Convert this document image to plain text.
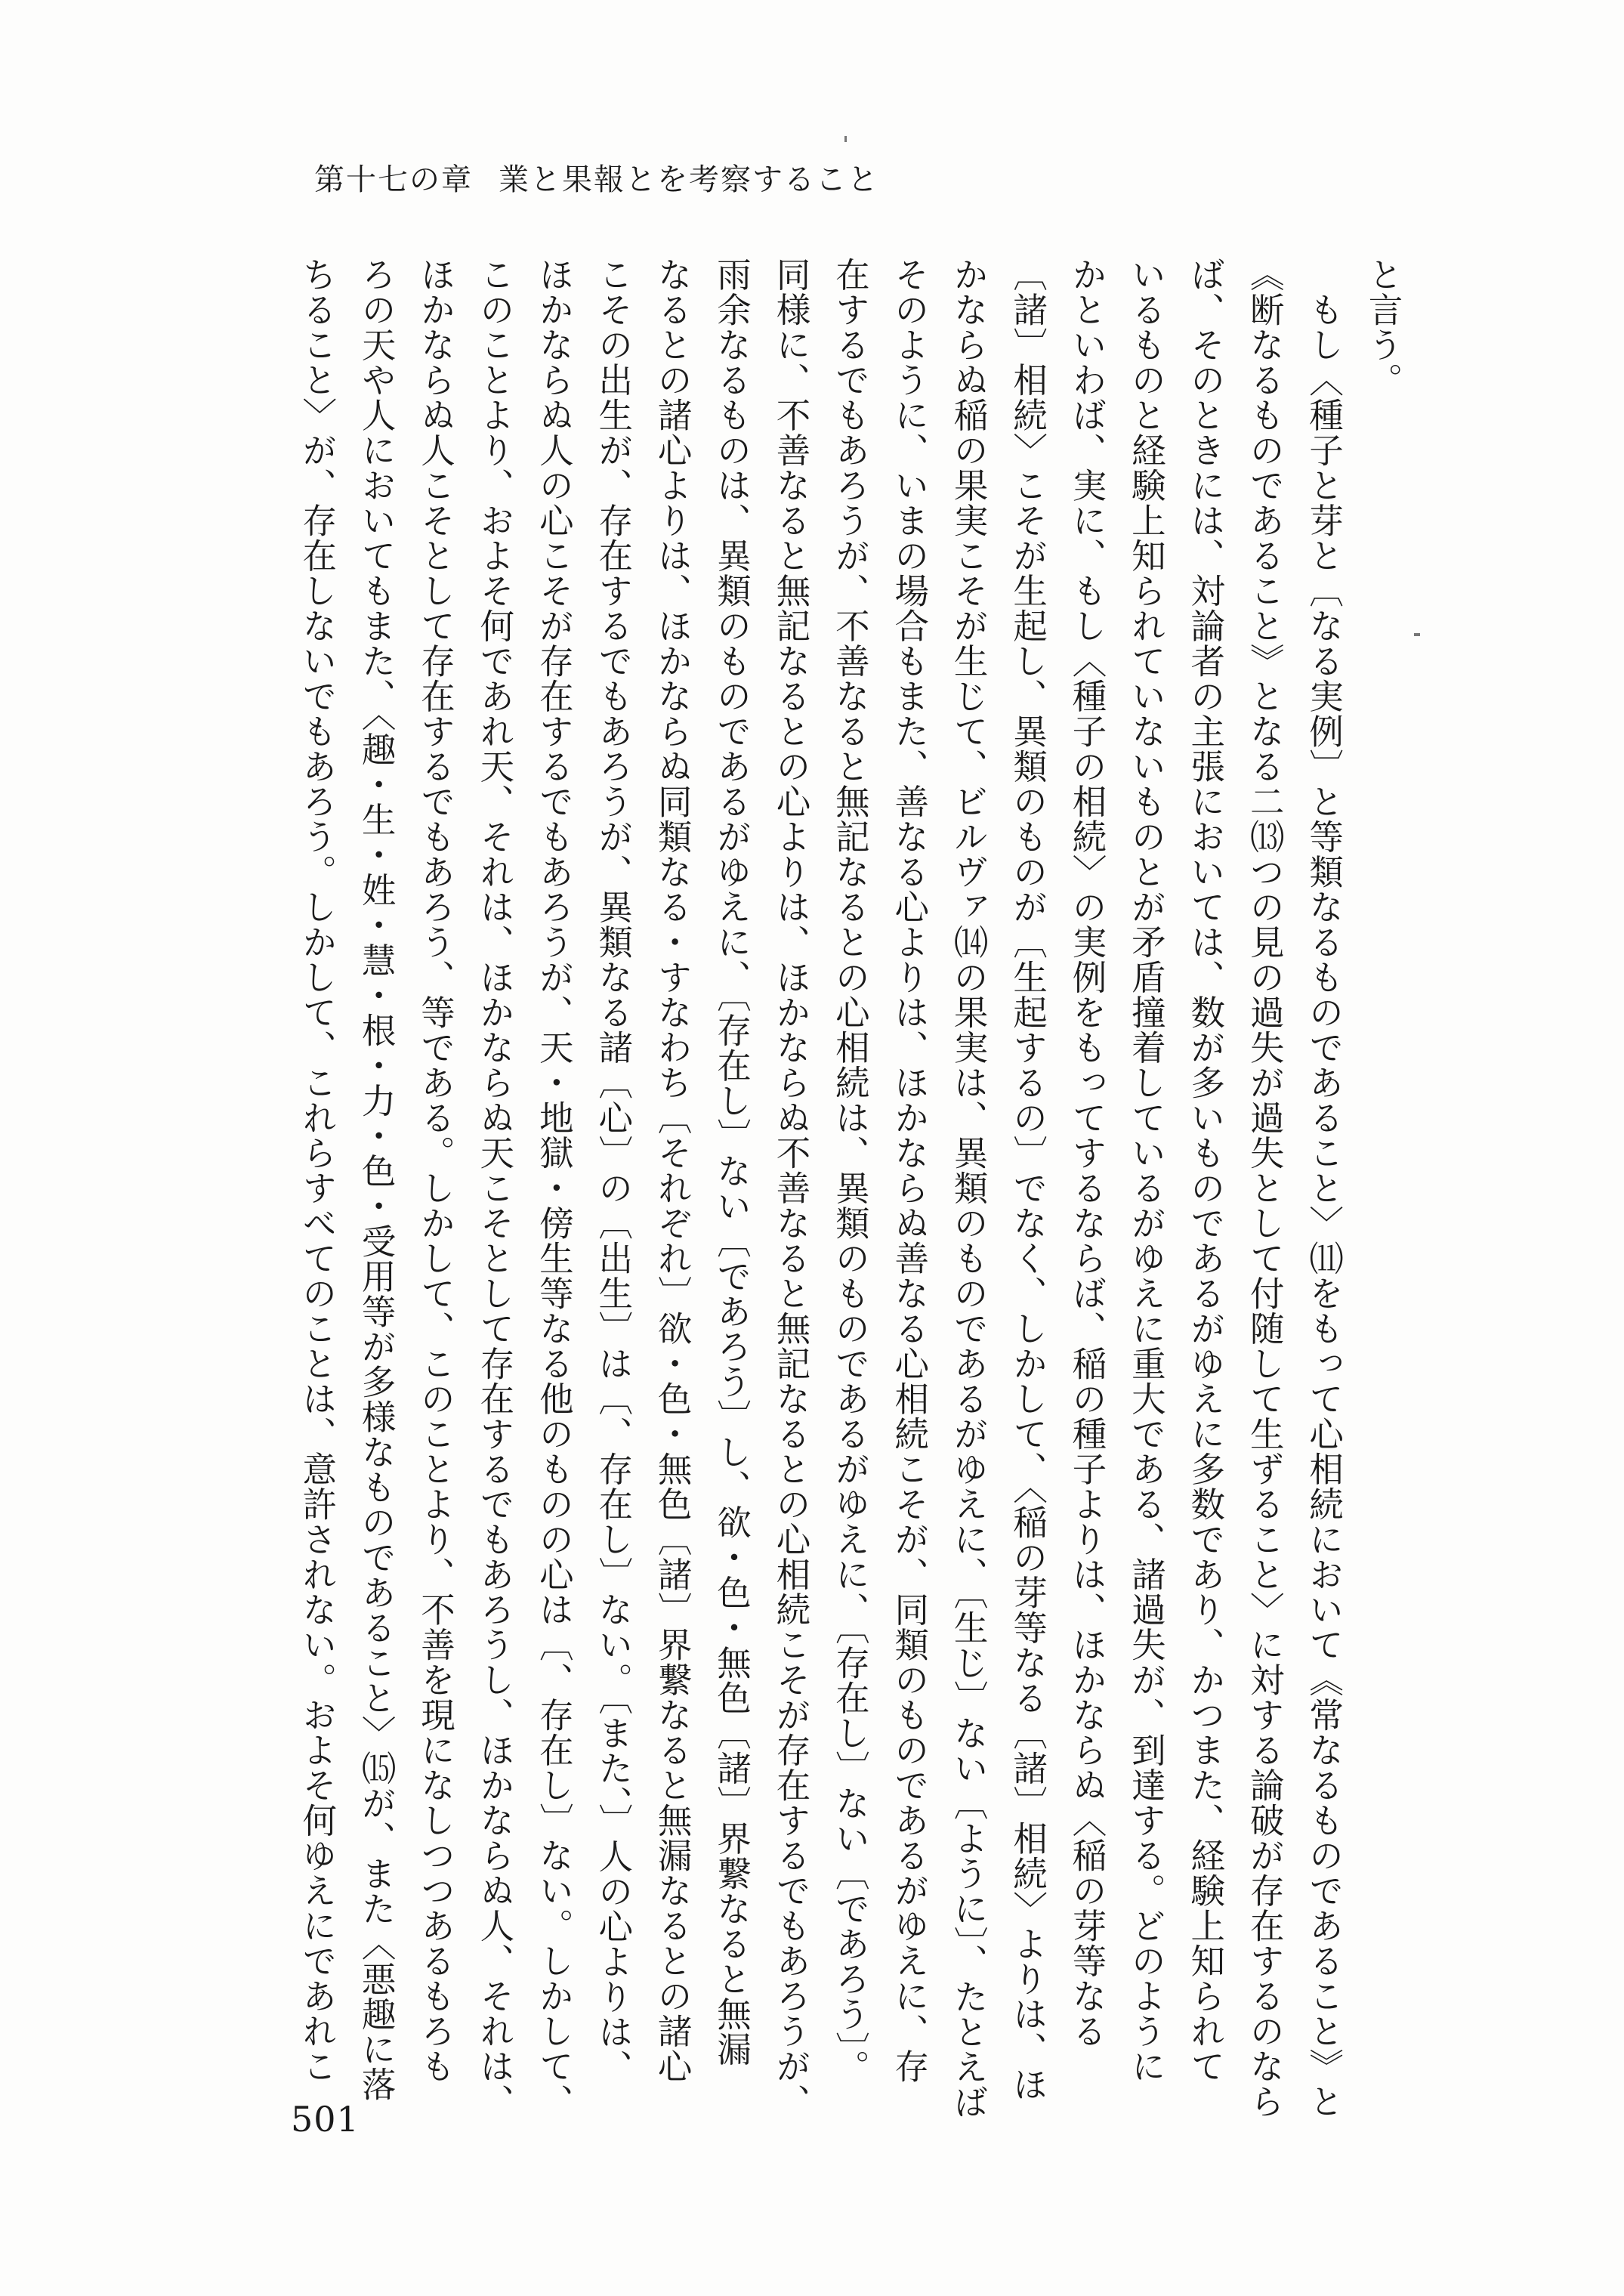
第十七の章 業と果報とを考察すること

と言う。

　もし〈種子と芽と〔なる実例〕と等類なるものであること〉⑾をもって心相続において《常なるものであること》と

《断なるものであること》となる二⒀つの見の過失が過失として付随して生ずること〉に対する論破が存在するのなら

ば、そのときには、対論者の主張においては、数が多いものであるがゆえに多数であり、かつまた、経験上知られて

いるものと経験上知られていないものとが矛盾撞着しているがゆえに重大である、諸過失が、到達する。どのように

かといわば、実に、もし〈種子の相続〉の実例をもってするならば、稲の種子よりは、ほかならぬ〈稲の芽等なる

〔諸〕相続〉こそが生起し、異類のものが〔生起するの〕でなく、しかして、〈稲の芽等なる〔諸〕相続〉よりは、ほ

かならぬ稲の果実こそが生じて、ビルヴァ⒁の果実は、異類のものであるがゆえに、〔生じ〕ない〔ように〕、たとえば

そのように、いまの場合もまた、善なる心よりは、ほかならぬ善なる心相続こそが、同類のものであるがゆえに、存

在するでもあろうが、不善なると無記なるとの心相続は、異類のものであるがゆえに、〔存在し〕ない〔であろう〕。

同様に、不善なると無記なるとの心よりは、ほかならぬ不善なると無記なるとの心相続こそが存在するでもあろうが、

雨余なるものは、異類のものであるがゆえに、〔存在し〕ない〔であろう〕し、欲・色・無色〔諸〕界繋なると無漏

なるとの諸心よりは、ほかならぬ同類なる・すなわち〔それぞれ〕欲・色・無色〔諸〕界繋なると無漏なるとの諸心

こその出生が、存在するでもあろうが、異類なる諸〔心〕の〔出生〕は〔、存在し〕ない。〔また、〕人の心よりは、

ほかならぬ人の心こそが存在するでもあろうが、天・地獄・傍生等なる他のものの心は〔、存在し〕ない。しかして、

このことより、およそ何であれ天、それは、ほかならぬ天こそとして存在するでもあろうし、ほかならぬ人、それは、

ほかならぬ人こそとして存在するでもあろう、等である。しかして、このことより、不善を現になしつつあるもろも

ろの天や人においてもまた、〈趣・生・姓・慧・根・力・色・受用等が多様なものであること〉⒂が、また〈悪趣に落

ちること〉が、存在しないでもあろう。しかして、これらすべてのことは、意許されない。およそ何ゆえにであれこ

501
